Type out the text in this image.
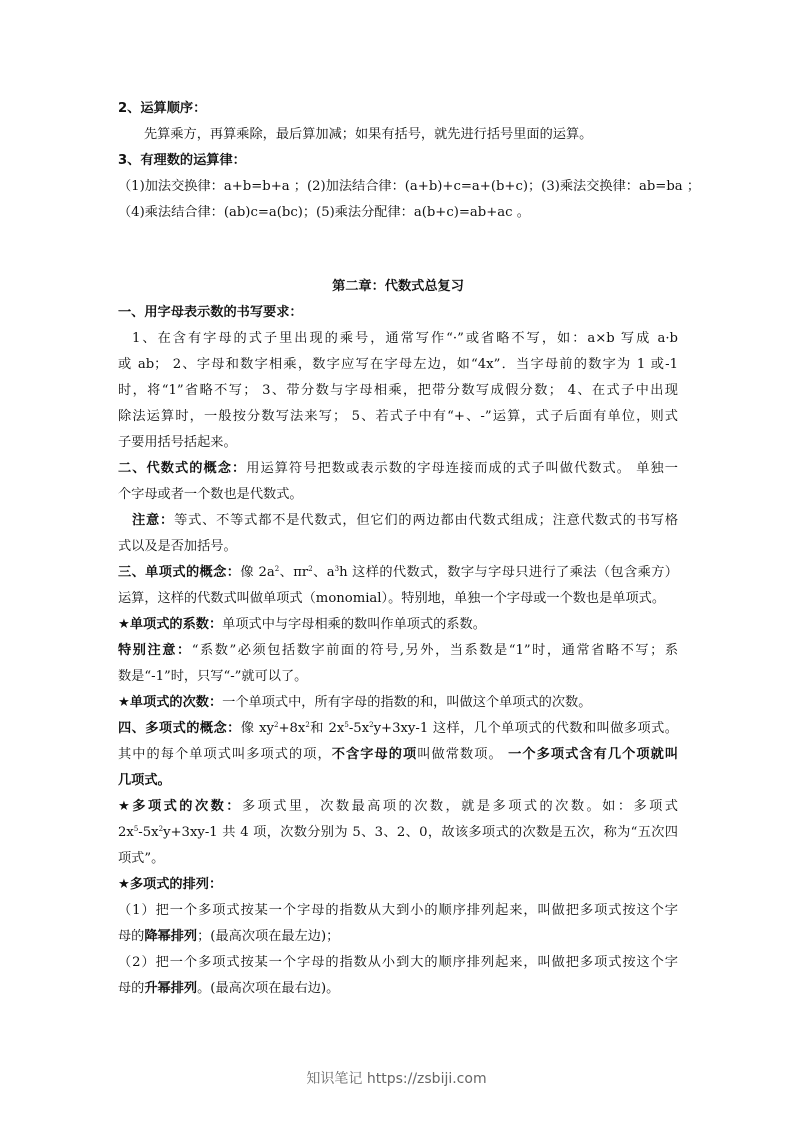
2、运算顺序：
先算乘方，再算乘除，最后算加减；如果有括号，就先进行括号里面的运算。
3、有理数的运算律：
（1)加法交换律：a+b=b+a ；(2)加法结合律：(a+b)+c=a+(b+c)；(3)乘法交换律：ab=ba ；
（4)乘法结合律：(ab)c=a(bc)；(5)乘法分配律：a(b+c)=ab+ac 。
第二章：代数式总复习
一、用字母表示数的书写要求：
1、在含有字母的式子里出现的乘号，通常写作“·”或省略不写，如：a×b 写成 a·b
或 ab； 2、字母和数字相乘，数字应写在字母左边，如“4x”．当字母前的数字为 1 或-1
时，将“1”省略不写； 3、带分数与字母相乘，把带分数写成假分数； 4、在式子中出现
除法运算时，一般按分数写法来写； 5、若式子中有“+、-”运算，式子后面有单位，则式
子要用括号括起来。
二、代数式的概念：用运算符号把数或表示数的字母连接而成的式子叫做代数式。 单独一
个字母或者一个数也是代数式。
注意：等式、不等式都不是代数式，但它们的两边都由代数式组成；注意代数式的书写格
式以及是否加括号。
三、单项式的概念：像 $2a^2$、$\pi r^2$、$a^3h$ 这样的代数式，数字与字母只进行了乘法（包含乘方）
运算，这样的代数式叫做单项式（monomial）。特别地，单独一个字母或一个数也是单项式。
★单项式的系数：单项式中与字母相乘的数叫作单项式的系数。
特别注意：“系数”必须包括数字前面的符号,另外，当系数是“1”时，通常省略不写；系
数是“-1”时，只写“-”就可以了。
★单项式的次数：一个单项式中，所有字母的指数的和，叫做这个单项式的次数。
四、多项式的概念：像 $xy^2+8x^2$和 $2x^5-5x^2y+3xy-1$ 这样，几个单项式的代数和叫做多项式。
其中的每个单项式叫多项式的项，不含字母的项叫做常数项。 一个多项式含有几个项就叫
几项式。
★多项式的次数：多项式里，次数最高项的次数，就是多项式的次数。如：多项式
$2x^5-5x^2y+3xy-1$ 共 4 项，次数分别为 5、3、2、0，故该多项式的次数是五次，称为“五次四
项式”。
★多项式的排列：
（1）把一个多项式按某一个字母的指数从大到小的顺序排列起来，叫做把多项式按这个字
母的降幂排列；(最高次项在最左边)；
（2）把一个多项式按某一个字母的指数从小到大的顺序排列起来，叫做把多项式按这个字
母的升幂排列。(最高次项在最右边)。
知识笔记 https://zsbiji.com
